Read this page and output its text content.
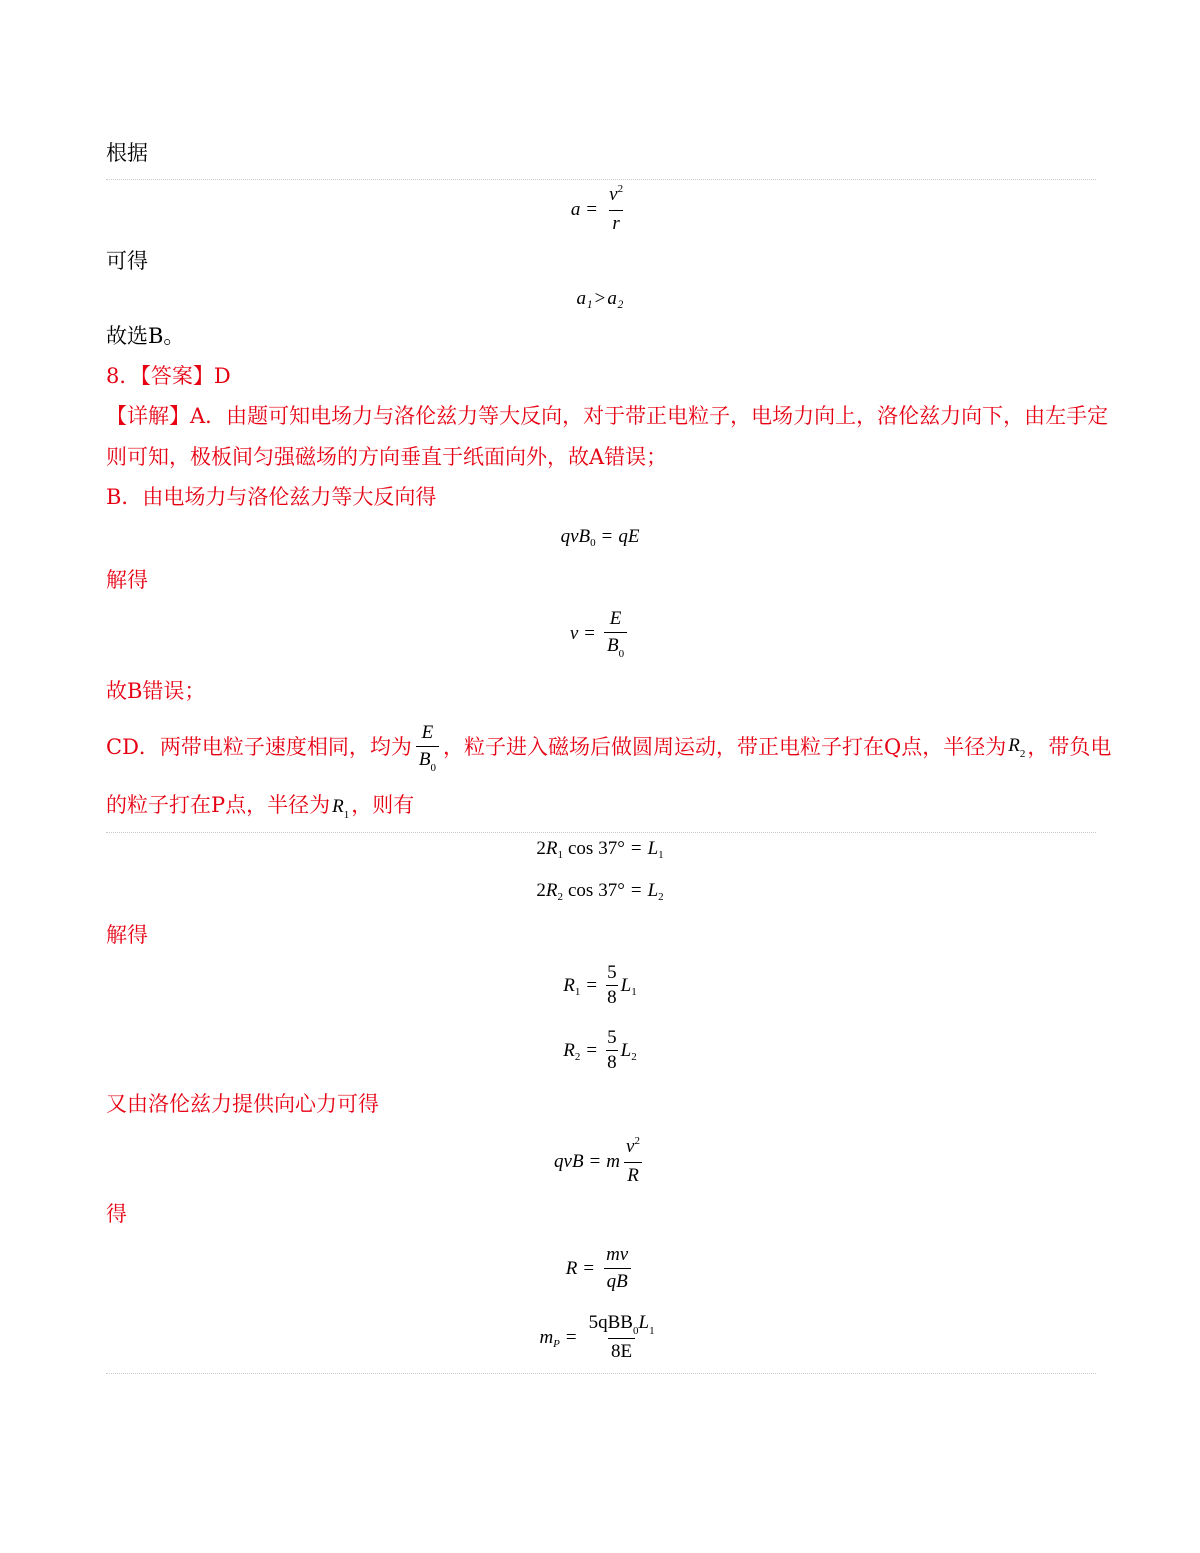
根据
$a = \frac{v^2}{r}$
可得
a₁ > a₂
故选B。
8．【答案】D
【详解】A．由题可知电场力与洛伦兹力等大反向，对于带正电粒子，电场力向上，洛伦兹力向下，由左手定
则可知，极板间匀强磁场的方向垂直于纸面向外，故A错误；
B．由电场力与洛伦兹力等大反向得
q v B 0 = q E
解得
$v = \frac{E}{B_0}$
故B错误；
CD．两带电粒子速度相同，均为 $\frac{E}{B_0}$ ，粒子进入磁场后做圆周运动，带正电粒子打在Q点，半径为 $R_2$ ，带负电
的粒子打在P点，半径为 $R_1$，则有
2 R 1 cos 37° = L 1
2 R 2 cos 37° = L 2
解得
R $1 = \frac{5}{8}$ L 1
R $2 = \frac{5}{8}$ L 2
又由洛伦兹力提供向心力可得
q v B = m $\frac{v^2}{R}$
得
$R = \frac{mv}{qB}$
m $P = \frac{5qBB_0L_1}{8E}$
